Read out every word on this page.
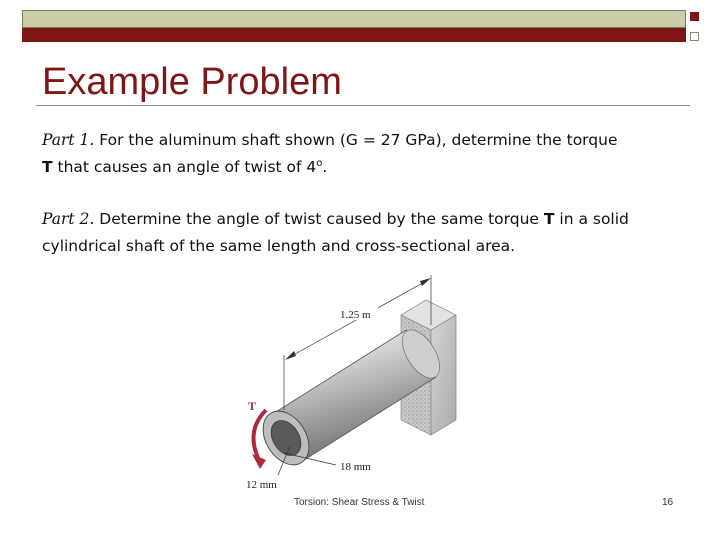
Example Problem
Part 1. For the aluminum shaft shown (G = 27 GPa), determine the torque
T that causes an angle of twist of 4$^o$.
Part 2. Determine the angle of twist caused by the same torque T in a solid cylindrical shaft of the same length and cross-sectional area.
1.25 m
T
18 mm
12 mm
Torsion: Shear Stress & Twist	16
